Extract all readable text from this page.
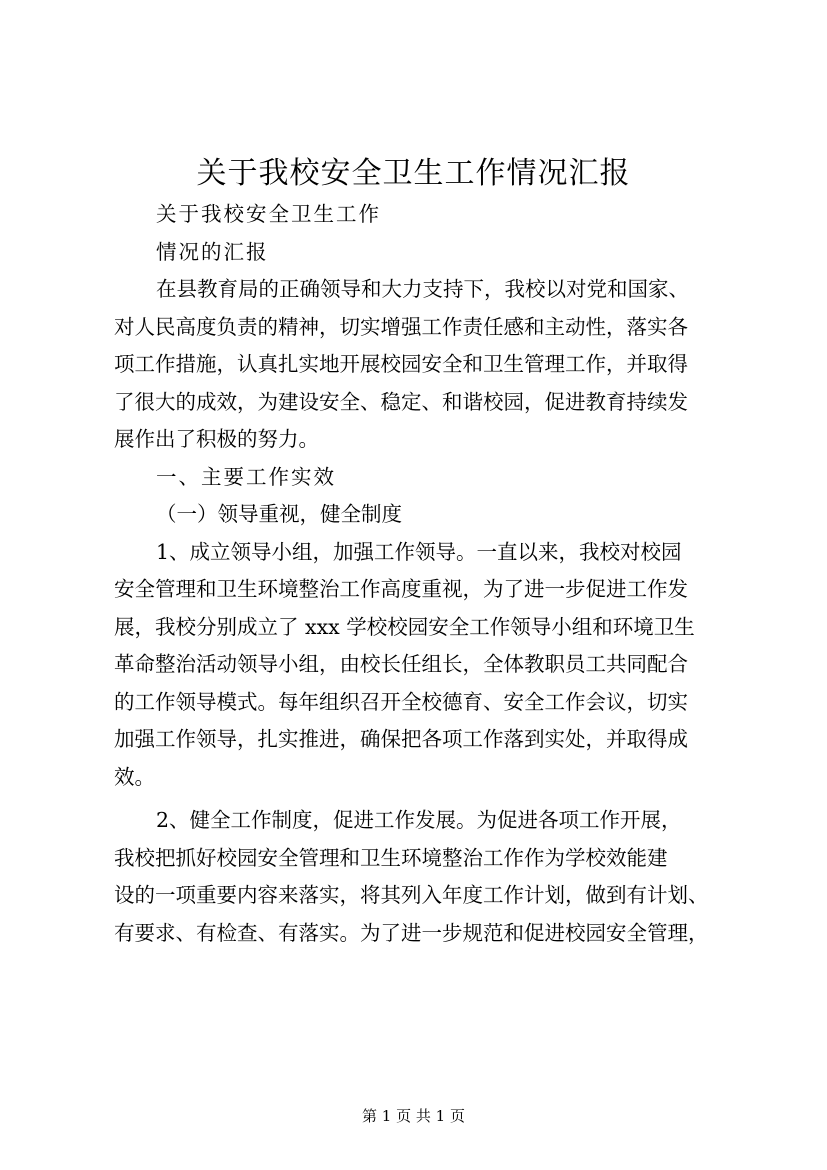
关于我校安全卫生工作情况汇报
关于我校安全卫生工作
情况的汇报
在县教育局的正确领导和大力支持下，我校以对党和国家、
对人民高度负责的精神，切实增强工作责任感和主动性，落实各
项工作措施，认真扎实地开展校园安全和卫生管理工作，并取得
了很大的成效，为建设安全、稳定、和谐校园，促进教育持续发
展作出了积极的努力。
一、主要工作实效
（一）领导重视，健全制度
1、成立领导小组，加强工作领导。一直以来，我校对校园
安全管理和卫生环境整治工作高度重视，为了进一步促进工作发
展，我校分别成立了 xxx 学校校园安全工作领导小组和环境卫生
革命整治活动领导小组，由校长任组长，全体教职员工共同配合
的工作领导模式。每年组织召开全校德育、安全工作会议，切实
加强工作领导，扎实推进，确保把各项工作落到实处，并取得成
效。
2、健全工作制度，促进工作发展。为促进各项工作开展，
我校把抓好校园安全管理和卫生环境整治工作作为学校效能建
设的一项重要内容来落实，将其列入年度工作计划，做到有计划、
有要求、有检查、有落实。为了进一步规范和促进校园安全管理，
第 1 页 共 1 页
